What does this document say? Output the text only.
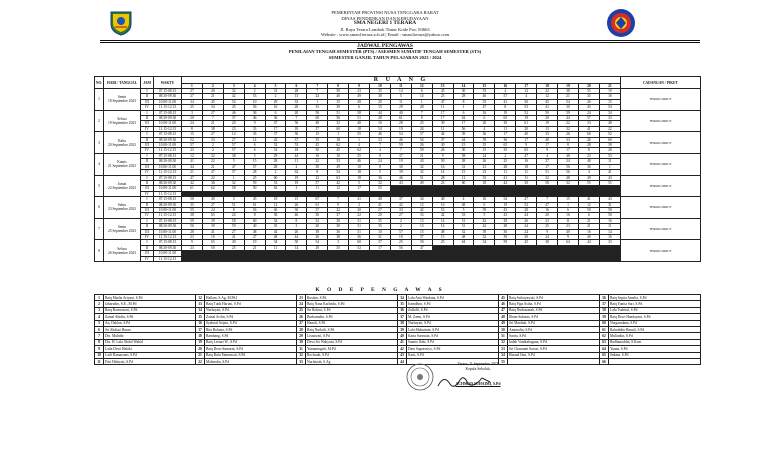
PEMERINTAH PROVINSI NUSA TENGGARA BARAT
DINAS PENDIDIKAN DAN KEBUDAYAAN
SMA NEGERI 1 TERARA
Jl. Raya Terara Lombok Timur Kode Pos: 83663
Website : www.sman1terara.sch.id | Email : sman1terara@yahoo.com
JADWAL PENGAWAS
PENILAIAN TENGAH SEMESTER (PTS) / ASESMEN SUMATIF TENGAH SEMESTER (STS)
SEMESTER GANJIL TAHUN PELAJARAN 2023 / 2024
NO.	HARI / TANGGAL	JAM	WAKTU	R U A N G																					CADANGAN / PIKET
				1	2	3	4	5	6	7	8	9	10	11	12	13	14	15	16	17	18	19	20	21	
1	Senin
18 September 2023	I	07.15-08.15	27	40	32	2	31	28	7	50	23	35	14	6	45	30	53	4	12	22	38	55	19	THROUGHOUT
		II	08.30-09.30	27	21	42	53	2	13	24	40	49	38	5	14	23	28	46	57	4	12	21	35	16	
		III	10.00-11.00	34	45	54	10	29	33	1	15	28	29	11	1	47	8	53	41	30	45	54	26	15	
		IV	11.15-12.15	25	34	45	56	16	28	33	39	6	15	29	28	11	1	47	8	53	41	30	45	54	
2	Selasa
19 September 2023	I	07.15-08.15	3	27	46	36	6	20	50	51	58	44	40	7	17	6	16	19	52	50	59	24	34	THROUGHOUT
		II	08.30-09.30	20	7	37	46	36	7	60	56	51	28	61	8	17	62	6	65	19	20	44	57	33	
		III	10.00-11.00	24	21	20	9	47	56	48	32	40	16	28	25	39	17	20	30	61	19	22	33	48	
		IV	11.15-12.15	8	38	23	33	17	18	37	60	18	54	19	24	11	56	4	11	20	13	32	41	22	
3	Rabu
20 September 2023	I	07.15-08.15	15	27	14	43	37	36	15	1	55	46	54	57	44	39	36	17	40	33	26	60	52	THROUGHOUT
		II	08.30-09.30	52	33	27	14	43	37	35	18	1	33	46	54	37	44	39	36	17	40	33	26	60	
		III	10.00-11.00	57	2	57	6	52	53	45	62	4	7	59	26	30	15	35	65	9	17	8	28	39	
		IV	11.15-12.15	23	2	57	6	52	18	50	45	62	4	7	59	26	30	15	35	65	9	17	8	28	
4	Kamis
21 September 2023	I	07.15-08.15	12	32	38	5	29	44	16	10	35	8	37	21	9	58	24	2	47	4	48	23	53	THROUGHOUT
		II	08.30-09.30	41	22	5	15	28	11	22	33	46	24	19	43	50	38	26	25	16	27	24	48	11	
		III	10.00-11.00	44	21	47	57	28	2	30	49	10	8	30	32	16	31	21	28	18	17	56	36	1	
		IV	11.15-12.15	21	47	57	28	2	62	8	54	18	5	39	32	14	15	23	11	11	51	56	4	41	
5	Jumat
22 September 2023	I	07.15-08.15	47	22	1	25	60	19	22	63	18	36	46	51	28	12	53	41	11	32	48	49	43	THROUGHOUT
		II	08.30-09.30	42	36	32	59	53	19	57	42	5	32	43	49	23	60	18	42	30	58	32	55	55	
		III	10.00-11.00	61	62	58	50	62	3	11	12	17	55												
		IV	11.15-12.15																						
6	Sabtu
23 September 2023	I	07.15-08.15	58	40	3	45	18	15	67	7	41	48	37	34	40	4	16	54	47	7	15	41	43	THROUGHOUT
		II	08.30-09.30	35	27	51	61	12	26	61	9	2	41	42	12	16	48	6	19	52	47	1	12	31	
		III	10.00-11.00	55	24	8	56	46	30	37	22	20	27	33	42	53	5	59	43	28	16	6	50	58	
		IV	11.15-12.15	38	65	24	8	58	46	30	37	22	20	27	33	42	53	5	43	44	20	16	6	50	
7	Senin
25 September 2023	I	07.15-08.15	59	39	58	60	34	8	52	30	31	35	2	13	14	51	42	29	26	23	11	21	16	THROUGHOUT
		II	08.30-09.30	56	39	59	40	35	3	20	30	31	35	2	13	14	51	42	28	24	25	23	21	11	
		III	10.00-11.00	28	41	27	48	44	26	38	36	31	10	57	15	48	32	39	30	24	9	40	16	14	
		IV	11.15-12.15	23	10	41	27	48	44	26	38	36	31	10	57	15	48	32	39	30	24	9	40	16	
8	Selasa
26 September 2023	I	07.15-08.15	9	65	49	19	34	50	54	3	60	37	25	50	25	64	34	59	45	38	64	44	33	THROUGHOUT
		II	08.30-09.30	23	50	25	21	11	14	29	35	52	17	56	47										
		III	10.00-11.00																						
		IV	11.15-12.15																						
K O D E P E N G A W A S
1	Baiq Marlia Ariyani, S.Pd	12	Hallam, S.Ag, M.Pd.I	23	Rusdan, S.Pd	34	Lalu Aria Wardana, S.Pd	45	Baiq Sulistyawati, S.Pd	56	Baiq Septia Amelia, S.Pd
2	Jaharudin, S.E., M.Pd	13	Baiq Tutik Hariati, S.Pd	24	Baiq Nana Karlindu, S.Pd	35	Iramdhon, S.Pd	46	Baiq Fipa Astha, S.Pd	57	Baiq Yunita Sari, S.Pd
3	Baiq Rosinawati, S.Pd	14	Nurhayati, S.Pd	25	Sri Rohini, S.Pd	36	Zulkifli, S.Pd	47	Baiq Nurhasanah, S.Pd	58	Lalu Tsabitul, S.Pd
4	Zainal Abidin, S.Pd	15	Zainal Arifin, S.Pd	26	Burhanudin, S.Pd	37	M. Zaeni, S.Pd	48	Ilham Sukarni, S.Pd	59	Baiq Dewi Handayani, S.Pd
5	Aq. Dahlan, S.Pd	16	Syahrial Aripin, S.Pd	27	Hamdi, S.Pd	38	Nurhayati, S.Pd	49	Sri Mardiah, S.Pd	60	Nurgaradana, S.Pd
6	Sri Ahdiati Hasan	17	Rita Rohana, S.Pd	28	Baiq Nurlaili, S.Pd	39	Lalu Muhaimin, S.Pd	50	Aminudin, S.Pd	61	Rabrahdin Hanafi, S.Pd
7	Drs. Muhdin	18	Bambang, S.Pd	29	Lisnawati, S.Pd	40	Karta Surawan, S.Pd	51	Sarira, S.Pd	62	Mulianlin, S.Pd
8	Drs. H. Lalu Abdul Wahid	19	Baiq Lestari W., S.Pd	30	Dewi Sri Wahyuni, S.Pd	41	Suanto Ilahi, S.Pd	52	Indah Vandrahagana, S.Pd	63	Rudhanuddin, S.Kom
9	Laila Dewi Hakiki	20	Baiq Dewi Sumarni, S.Pd	31	Yunianingsih, M.Pd	42	Dani Suprasetyo, S.Pd	53	Sri Chasanati Sarosi, S.Pd	64	Yuana, S.Pd
10	Laili Damayanti, S.Pd	21	Baiq Bulu Fatmawati, S.Pd	32	Rochsaki, S.Pd	43	Karti, S.Pd	54	Husnul Ilmi, S.Pd	65	Sukma, S.Pd
11	Fitri Hidayati, S.Pd	22	Mahendra, S.Pd	33	Nurfaizah, S.Ag	44		55		66	
Terara, 11 September 2023
Kepala Sekolah,
ACHMAD SUHAIMI, S.Pd
